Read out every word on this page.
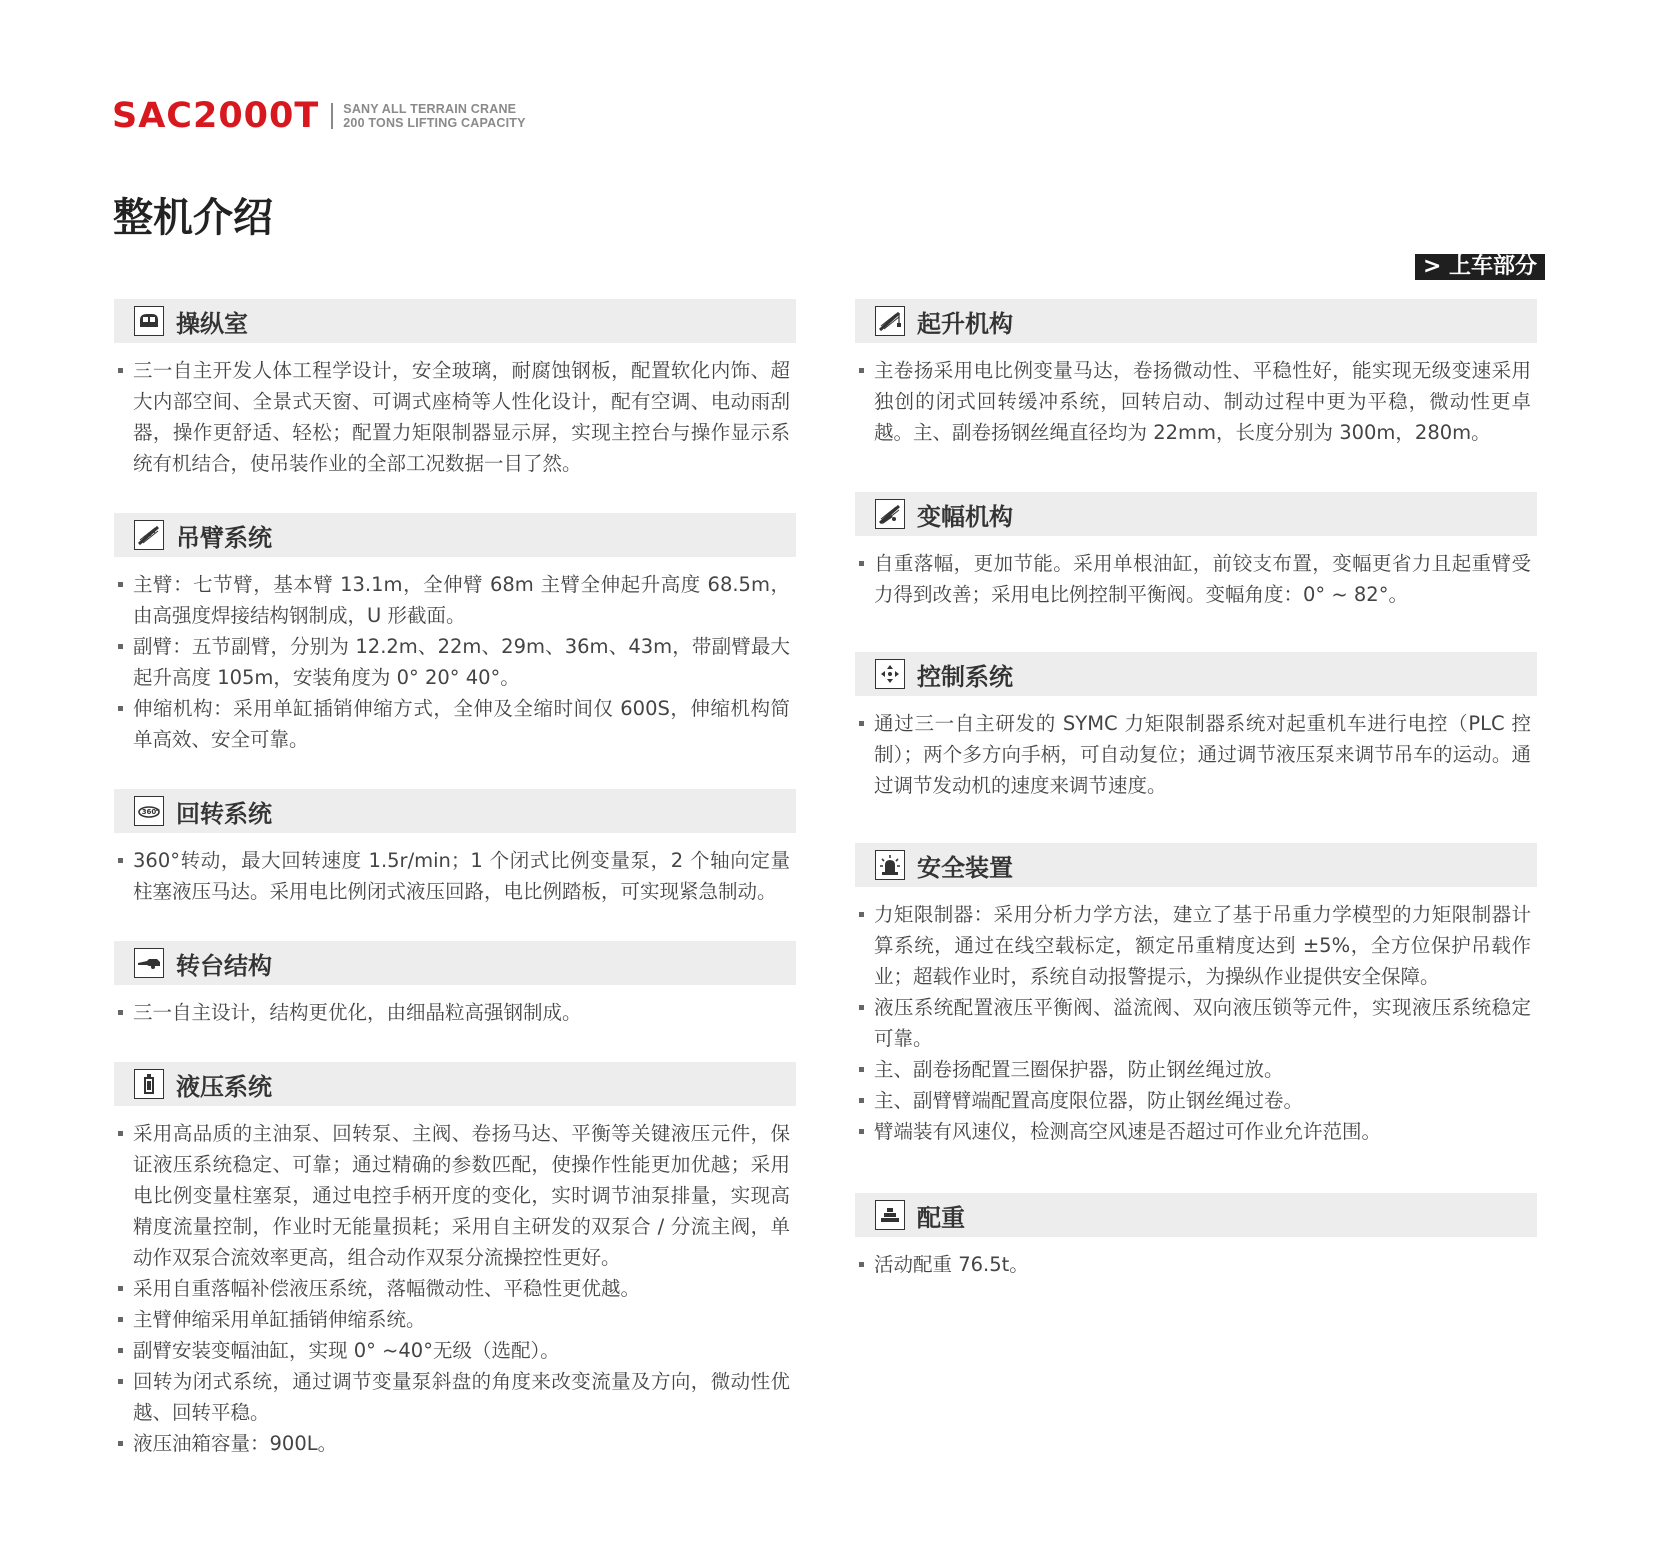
SAC2000T SANY ALL TERRAIN CRANE
200 TONS LIFTING CAPACITY
整机介绍
> 上车部分
操纵室
三一自主开发人体工程学设计，安全玻璃，耐腐蚀钢板，配置软化内饰、超大内部空间、全景式天窗、可调式座椅等人性化设计，配有空调、电动雨刮器，操作更舒适、轻松；配置力矩限制器显示屏，实现主控台与操作显示系统有机结合，使吊装作业的全部工况数据一目了然。
吊臂系统
主臂：七节臂，基本臂 13.1m，全伸臂 68m 主臂全伸起升高度 68.5m，由高强度焊接结构钢制成，U 形截面。
副臂：五节副臂，分别为 12.2m、22m、29m、36m、43m，带副臂最大起升高度 105m，安装角度为 0° 20° 40°。
伸缩机构：采用单缸插销伸缩方式，全伸及全缩时间仅 600S，伸缩机构简单高效、安全可靠。
360 回转系统
360°转动，最大回转速度 1.5r/min；1 个闭式比例变量泵，2 个轴向定量柱塞液压马达。采用电比例闭式液压回路，电比例踏板，可实现紧急制动。
转台结构
三一自主设计，结构更优化，由细晶粒高强钢制成。
液压系统
采用高品质的主油泵、回转泵、主阀、卷扬马达、平衡等关键液压元件，保证液压系统稳定、可靠；通过精确的参数匹配，使操作性能更加优越；采用电比例变量柱塞泵，通过电控手柄开度的变化，实时调节油泵排量，实现高精度流量控制，作业时无能量损耗；采用自主研发的双泵合 / 分流主阀，单动作双泵合流效率更高，组合动作双泵分流操控性更好。
采用自重落幅补偿液压系统，落幅微动性、平稳性更优越。
主臂伸缩采用单缸插销伸缩系统。
副臂安装变幅油缸，实现 0° ~40°无级（选配）。
回转为闭式系统，通过调节变量泵斜盘的角度来改变流量及方向，微动性优越、回转平稳。
液压油箱容量：900L。
起升机构
主卷扬采用电比例变量马达，卷扬微动性、平稳性好，能实现无级变速采用独创的闭式回转缓冲系统，回转启动、制动过程中更为平稳，微动性更卓越。主、副卷扬钢丝绳直径均为 22mm，长度分别为 300m，280m。
变幅机构
自重落幅，更加节能。采用单根油缸，前铰支布置，变幅更省力且起重臂受力得到改善；采用电比例控制平衡阀。变幅角度：0° ~ 82°。
控制系统
通过三一自主研发的 SYMC 力矩限制器系统对起重机车进行电控（PLC 控制）；两个多方向手柄，可自动复位；通过调节液压泵来调节吊车的运动。通过调节发动机的速度来调节速度。
安全装置
力矩限制器：采用分析力学方法，建立了基于吊重力学模型的力矩限制器计算系统，通过在线空载标定，额定吊重精度达到 ±5%，全方位保护吊载作业；超载作业时，系统自动报警提示，为操纵作业提供安全保障。
液压系统配置液压平衡阀、溢流阀、双向液压锁等元件，实现液压系统稳定可靠。
主、副卷扬配置三圈保护器，防止钢丝绳过放。
主、副臂臂端配置高度限位器，防止钢丝绳过卷。
臂端装有风速仪，检测高空风速是否超过可作业允许范围。
配重
活动配重 76.5t。
